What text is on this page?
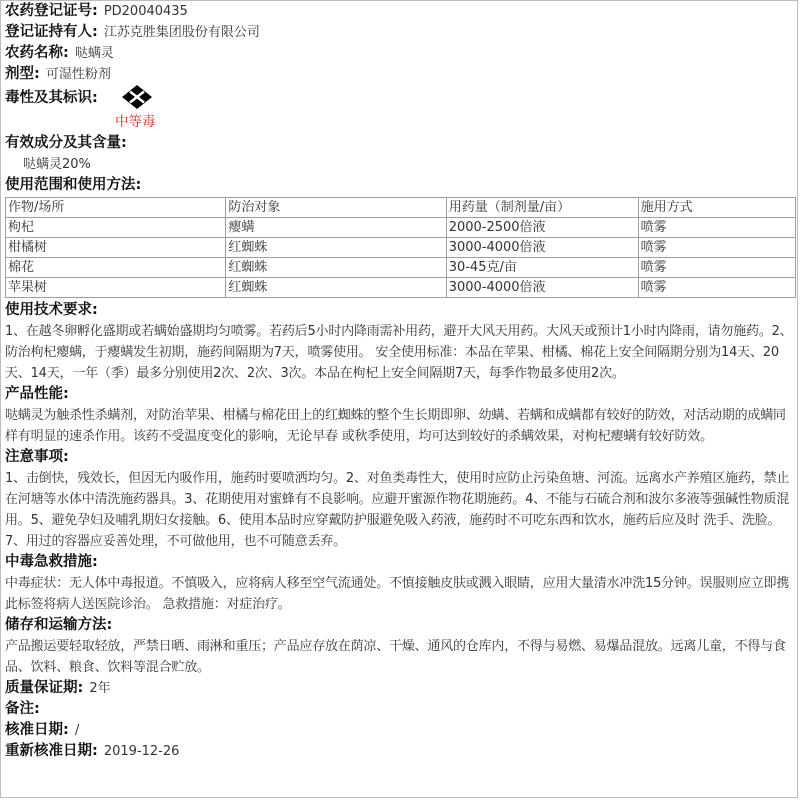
农药登记证号: PD20040435

登记证持有人: 江苏克胜集团股份有限公司

农药名称: 哒螨灵

剂型: 可湿性粉剂

毒性及其标识:
中等毒

有效成分及其含量:

哒螨灵20%

使用范围和使用方法:

作物/场所	防治对象	用药量（制剂量/亩）	施用方式
枸杞	瘿螨	2000-2500倍液	喷雾
柑橘树	红蜘蛛	3000-4000倍液	喷雾
棉花	红蜘蛛	30-45克/亩	喷雾
苹果树	红蜘蛛	3000-4000倍液	喷雾

使用技术要求:

1、在越冬卵孵化盛期或若螨始盛期均匀喷雾。若药后5小时内降雨需补用药，避开大风天用药。大风天或预计1小时内降雨，请勿施药。2、防治枸杞瘿螨，于瘿螨发生初期，施药间隔期为7天，喷雾使用。 安全使用标准：本品在苹果、柑橘、棉花上安全间隔期分别为14天、20天、14天，一年（季）最多分别使用2次、2次、3次。本品在枸杞上安全间隔期7天，每季作物最多使用2次。

产品性能:

哒螨灵为触杀性杀螨剂，对防治苹果、柑橘与棉花田上的红蜘蛛的整个生长期即卵、幼螨、若螨和成螨都有较好的防效，对活动期的成螨同样有明显的速杀作用。该药不受温度变化的影响，无论早春 或秋季使用，均可达到较好的杀螨效果，对枸杞瘿螨有较好防效。

注意事项:

1、击倒快，残效长，但因无内吸作用，施药时要喷洒均匀。2、对鱼类毒性大，使用时应防止污染鱼塘、河流。远离水产养殖区施药，禁止在河塘等水体中清洗施药器具。3、花期使用对蜜蜂有不良影响。应避开蜜源作物花期施药。4、不能与石硫合剂和波尔多液等强碱性物质混用。5、避免孕妇及哺乳期妇女接触。6、使用本品时应穿戴防护服避免吸入药液，施药时不可吃东西和饮水，施药后应及时 洗手、洗脸。7、用过的容器应妥善处理，不可做他用，也不可随意丢弃。

中毒急救措施:

中毒症状：无人体中毒报道。不慎吸入，应将病人移至空气流通处。不慎接触皮肤或溅入眼睛，应用大量清水冲洗15分钟。误服则应立即携此标签将病人送医院诊治。 急救措施：对症治疗。

储存和运输方法:

产品搬运要轻取轻放，严禁日晒、雨淋和重压；产品应存放在荫凉、干燥、通风的仓库内，不得与易燃、易爆品混放。远离儿童，不得与食品、饮料、粮食、饮料等混合贮放。

质量保证期: 2年

备注:

核准日期: /

重新核准日期: 2019-12-26
